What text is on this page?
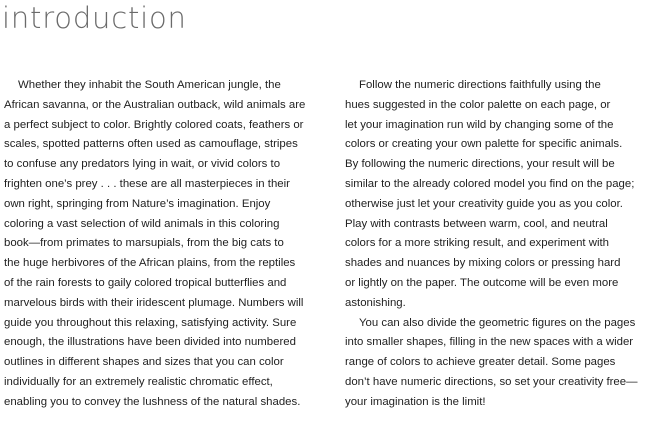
introduction
Whether they inhabit the South American jungle, the
African savanna, or the Australian outback, wild animals are
a perfect subject to color. Brightly colored coats, feathers or
scales, spotted patterns often used as camouflage, stripes
to confuse any predators lying in wait, or vivid colors to
frighten one’s prey . . . these are all masterpieces in their
own right, springing from Nature’s imagination. Enjoy
coloring a vast selection of wild animals in this coloring
book—from primates to marsupials, from the big cats to
the huge herbivores of the African plains, from the reptiles
of the rain forests to gaily colored tropical butterflies and
marvelous birds with their iridescent plumage. Numbers will
guide you throughout this relaxing, satisfying activity. Sure
enough, the illustrations have been divided into numbered
outlines in different shapes and sizes that you can color
individually for an extremely realistic chromatic effect,
enabling you to convey the lushness of the natural shades.
Follow the numeric directions faithfully using the
hues suggested in the color palette on each page, or
let your imagination run wild by changing some of the
colors or creating your own palette for specific animals.
By following the numeric directions, your result will be
similar to the already colored model you find on the page;
otherwise just let your creativity guide you as you color.
Play with contrasts between warm, cool, and neutral
colors for a more striking result, and experiment with
shades and nuances by mixing colors or pressing hard
or lightly on the paper. The outcome will be even more
astonishing.
You can also divide the geometric figures on the pages
into smaller shapes, filling in the new spaces with a wider
range of colors to achieve greater detail. Some pages
don’t have numeric directions, so set your creativity free—
your imagination is the limit!
